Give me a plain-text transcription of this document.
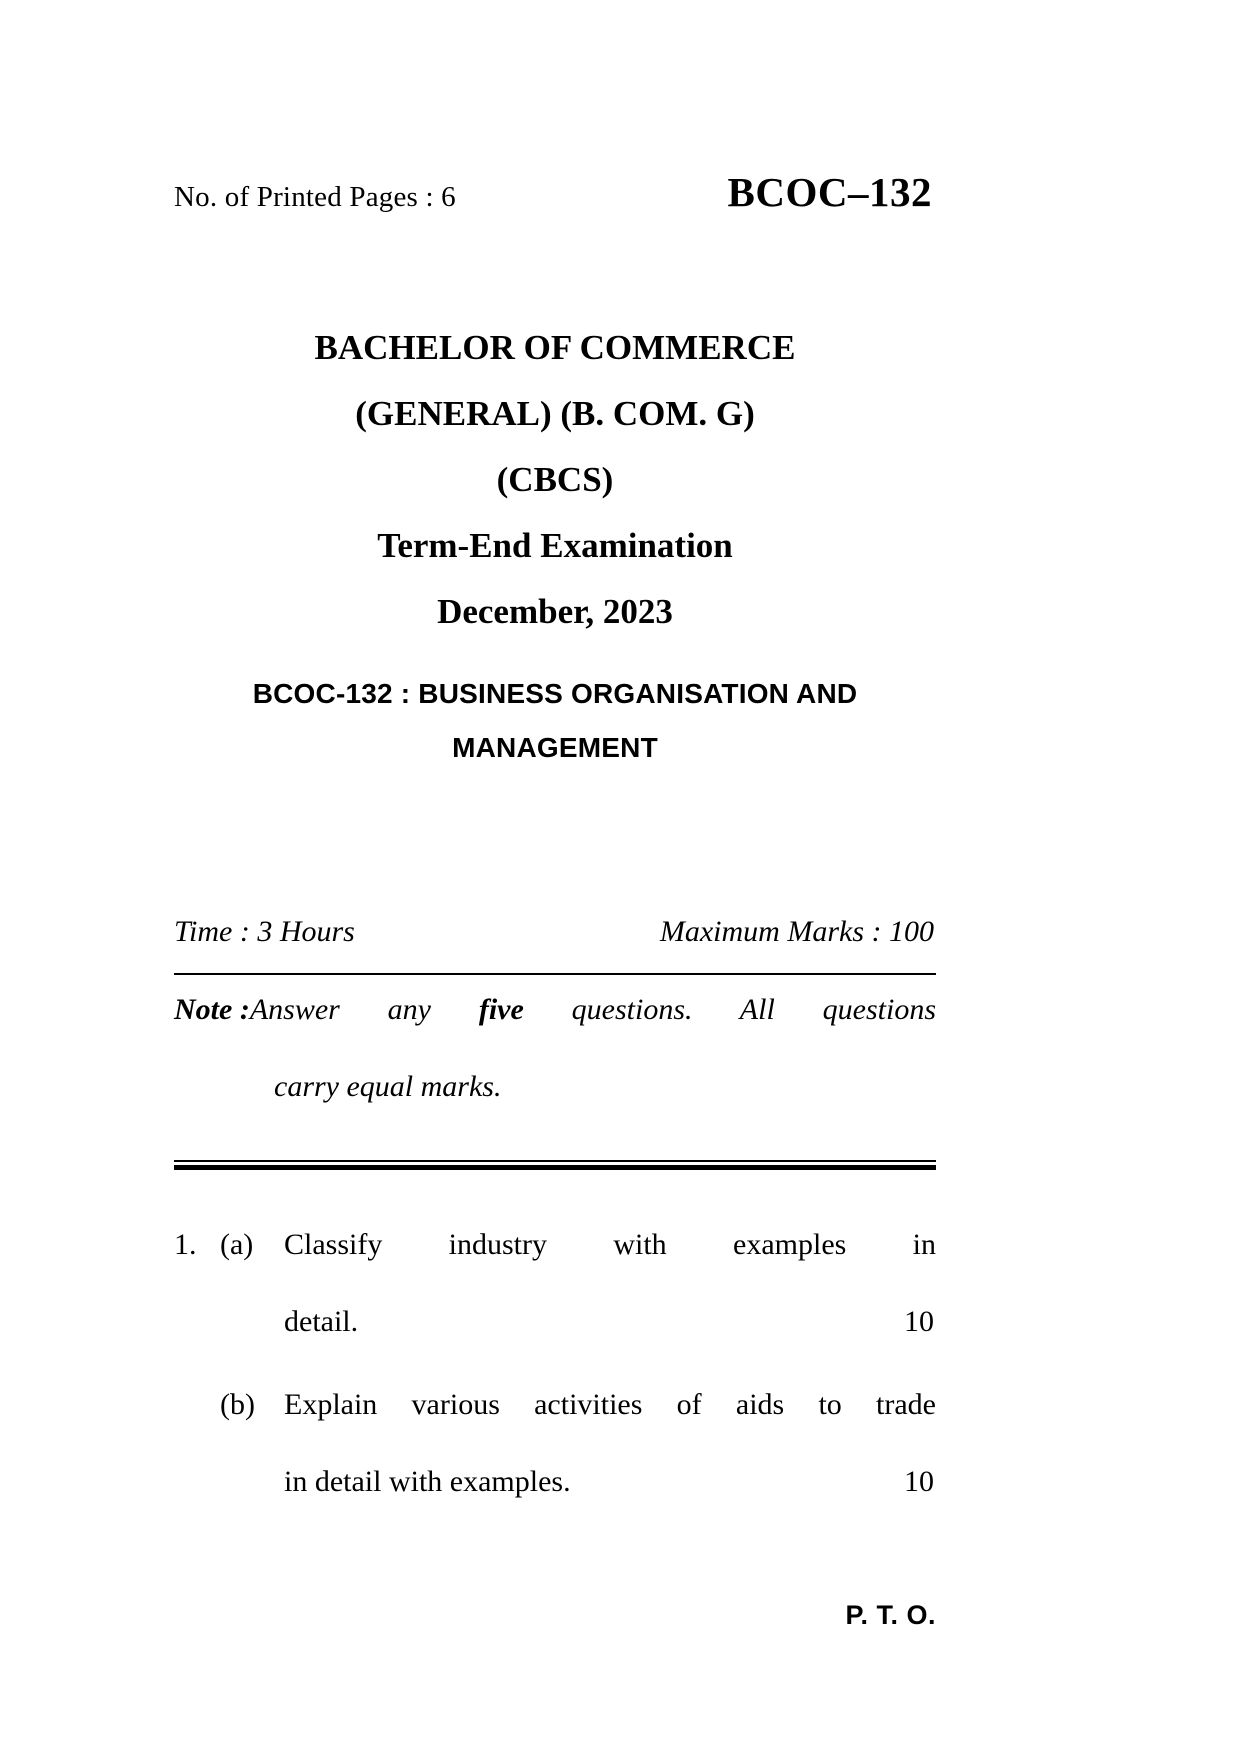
No. of Printed Pages : 6	BCOC–132
BACHELOR OF COMMERCE
(GENERAL) (B. COM. G)
(CBCS)
Term-End Examination
December, 2023
BCOC-132 : BUSINESS ORGANISATION AND
MANAGEMENT
Time : 3 Hours	Maximum Marks : 100
Note : Answer any five questions. All questions
carry equal marks.
1. (a)	Classify industry with examples in
detail.	10
(b) Explain various activities of aids to trade
in detail with examples.	10
P. T. O.
